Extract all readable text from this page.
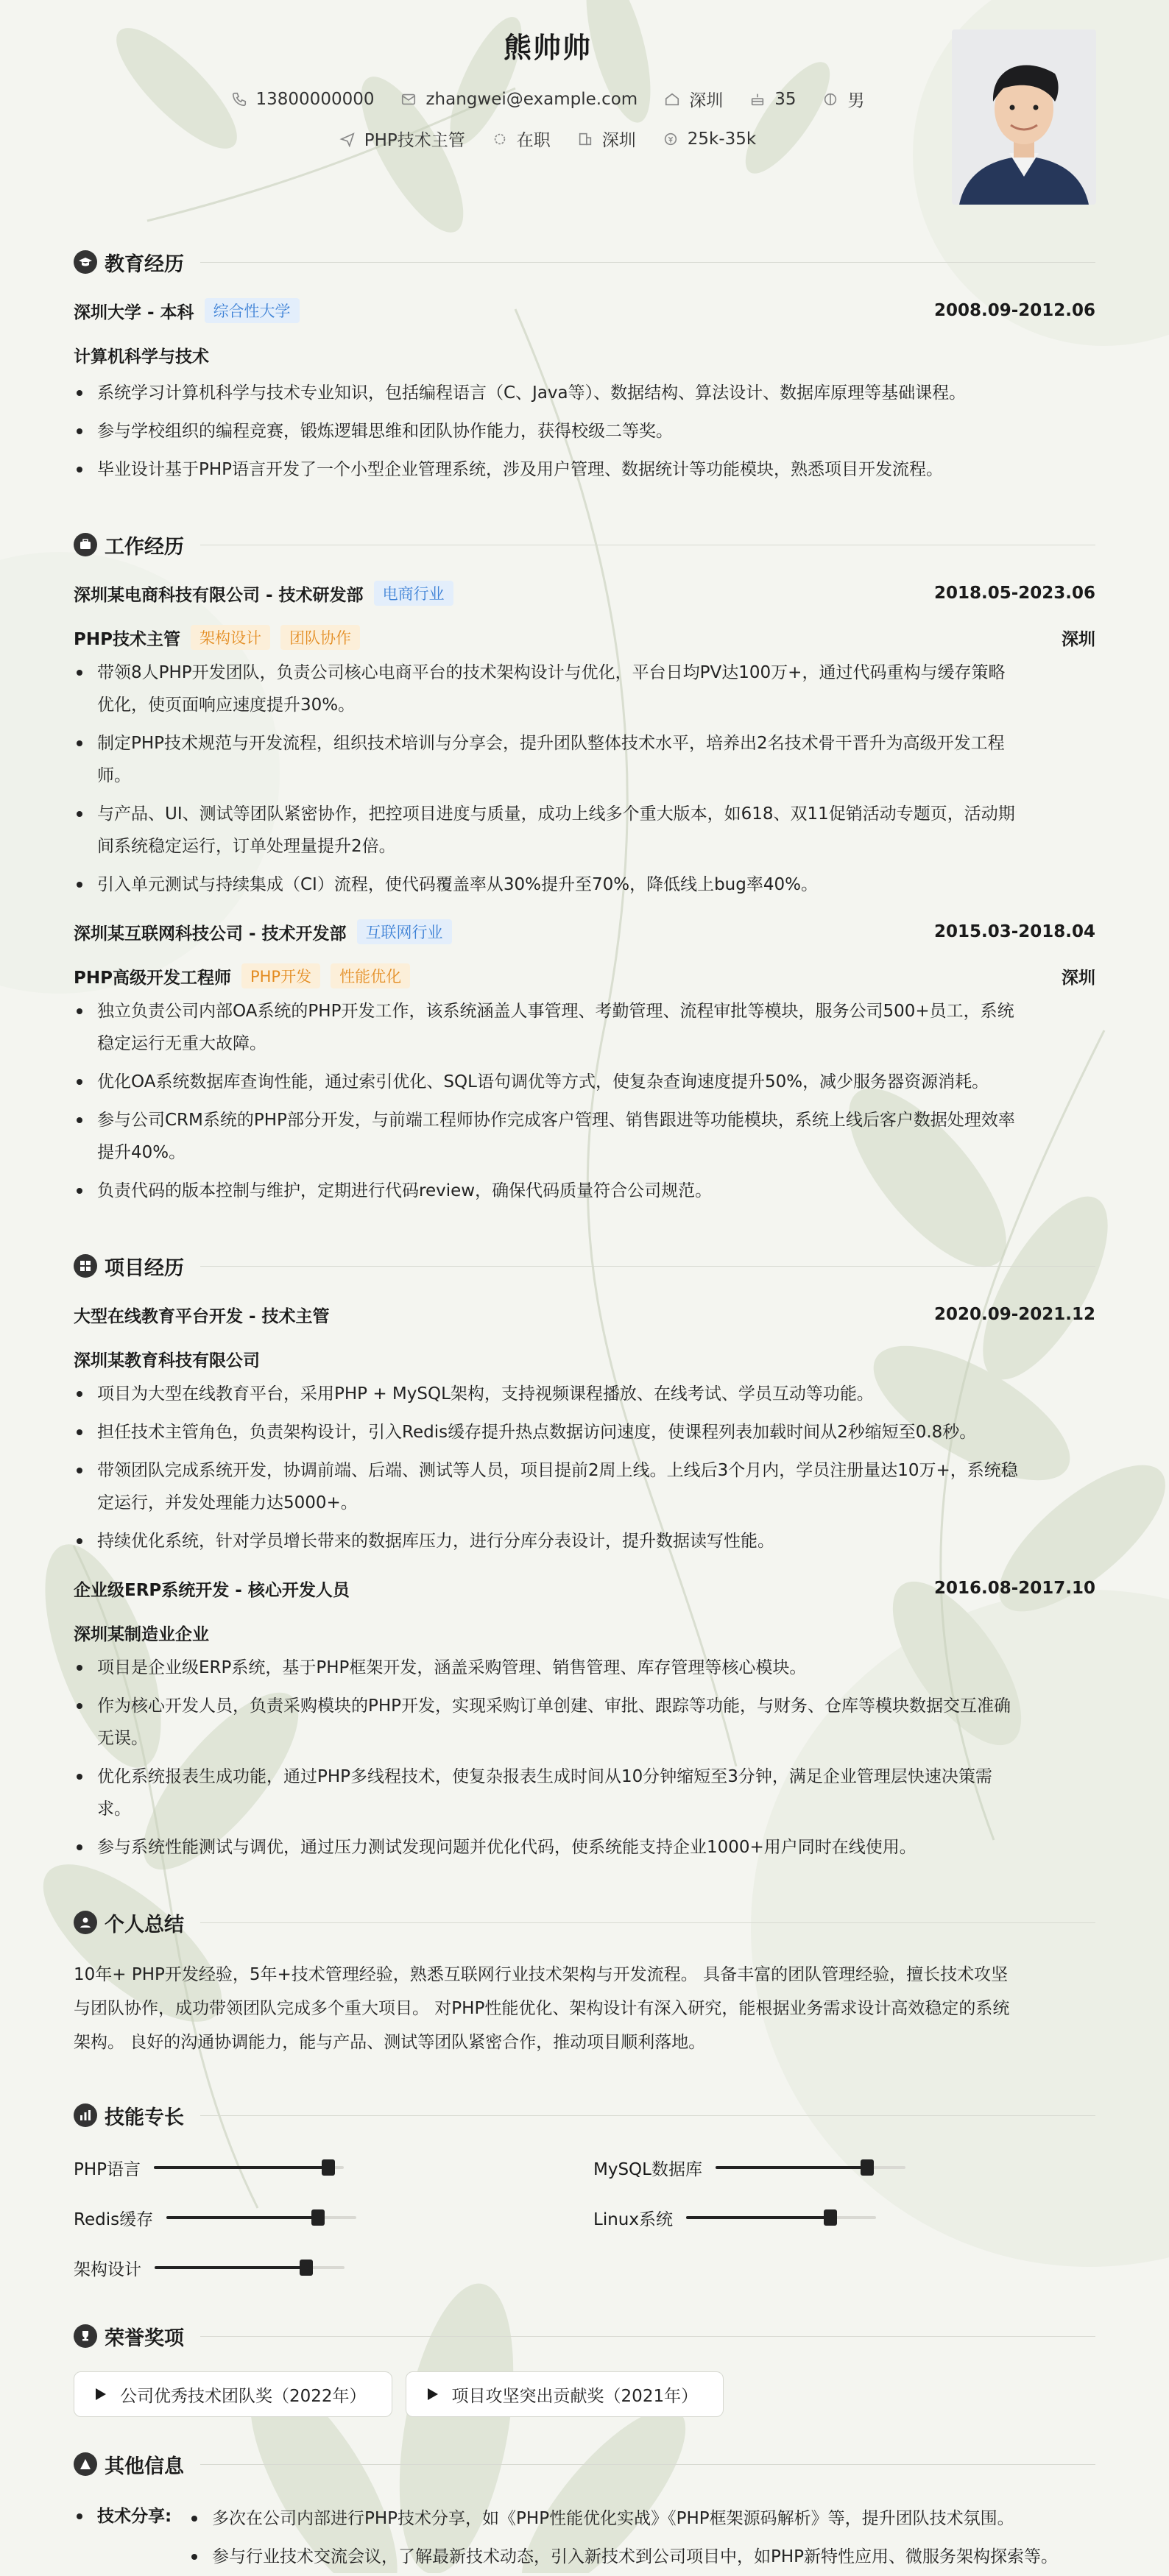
熊帅帅
13800000000	zhangwei@example.com	深圳	35	男
PHP技术主管	在职	深圳	25k-35k
教育经历
深圳大学 - 本科	综合性大学	2008.09-2012.06
计算机科学与技术
系统学习计算机科学与技术专业知识，包括编程语言（C、Java等）、数据结构、算法设计、数据库原理等基础课程。
参与学校组织的编程竞赛，锻炼逻辑思维和团队协作能力，获得校级二等奖。
毕业设计基于PHP语言开发了一个小型企业管理系统，涉及用户管理、数据统计等功能模块，熟悉项目开发流程。
工作经历
深圳某电商科技有限公司 - 技术研发部	电商行业	2018.05-2023.06
PHP技术主管	架构设计	团队协作	深圳
带领8人PHP开发团队，负责公司核心电商平台的技术架构设计与优化，平台日均PV达100万+，通过代码重构与缓存策略优化，使页面响应速度提升30%。
制定PHP技术规范与开发流程，组织技术培训与分享会，提升团队整体技术水平，培养出2名技术骨干晋升为高级开发工程师。
与产品、UI、测试等团队紧密协作，把控项目进度与质量，成功上线多个重大版本，如618、双11促销活动专题页，活动期间系统稳定运行，订单处理量提升2倍。
引入单元测试与持续集成（CI）流程，使代码覆盖率从30%提升至70%，降低线上bug率40%。
深圳某互联网科技公司 - 技术开发部	互联网行业	2015.03-2018.04
PHP高级开发工程师	PHP开发	性能优化	深圳
独立负责公司内部OA系统的PHP开发工作，该系统涵盖人事管理、考勤管理、流程审批等模块，服务公司500+员工，系统稳定运行无重大故障。
优化OA系统数据库查询性能，通过索引优化、SQL语句调优等方式，使复杂查询速度提升50%，减少服务器资源消耗。
参与公司CRM系统的PHP部分开发，与前端工程师协作完成客户管理、销售跟进等功能模块，系统上线后客户数据处理效率提升40%。
负责代码的版本控制与维护，定期进行代码review，确保代码质量符合公司规范。
项目经历
大型在线教育平台开发 - 技术主管	2020.09-2021.12
深圳某教育科技有限公司
项目为大型在线教育平台，采用PHP + MySQL架构，支持视频课程播放、在线考试、学员互动等功能。
担任技术主管角色，负责架构设计，引入Redis缓存提升热点数据访问速度，使课程列表加载时间从2秒缩短至0.8秒。
带领团队完成系统开发，协调前端、后端、测试等人员，项目提前2周上线。上线后3个月内，学员注册量达10万+，系统稳定运行，并发处理能力达5000+。
持续优化系统，针对学员增长带来的数据库压力，进行分库分表设计，提升数据读写性能。
企业级ERP系统开发 - 核心开发人员	2016.08-2017.10
深圳某制造业企业
项目是企业级ERP系统，基于PHP框架开发，涵盖采购管理、销售管理、库存管理等核心模块。
作为核心开发人员，负责采购模块的PHP开发，实现采购订单创建、审批、跟踪等功能，与财务、仓库等模块数据交互准确无误。
优化系统报表生成功能，通过PHP多线程技术，使复杂报表生成时间从10分钟缩短至3分钟，满足企业管理层快速决策需求。
参与系统性能测试与调优，通过压力测试发现问题并优化代码，使系统能支持企业1000+用户同时在线使用。
个人总结
10年+ PHP开发经验，5年+技术管理经验，熟悉互联网行业技术架构与开发流程。 具备丰富的团队管理经验，擅长技术攻坚与团队协作，成功带领团队完成多个重大项目。 对PHP性能优化、架构设计有深入研究，能根据业务需求设计高效稳定的系统架构。 良好的沟通协调能力，能与产品、测试等团队紧密合作，推动项目顺利落地。
技能专长
PHP语言	MySQL数据库
Redis缓存	Linux系统
架构设计
荣誉奖项
公司优秀技术团队奖（2022年）	项目攻坚突出贡献奖（2021年）
其他信息
技术分享:	多次在公司内部进行PHP技术分享，如《PHP性能优化实战》《PHP框架源码解析》等，提升团队技术氛围。
参与行业技术交流会议，了解最新技术动态，引入新技术到公司项目中，如PHP新特性应用、微服务架构探索等。
